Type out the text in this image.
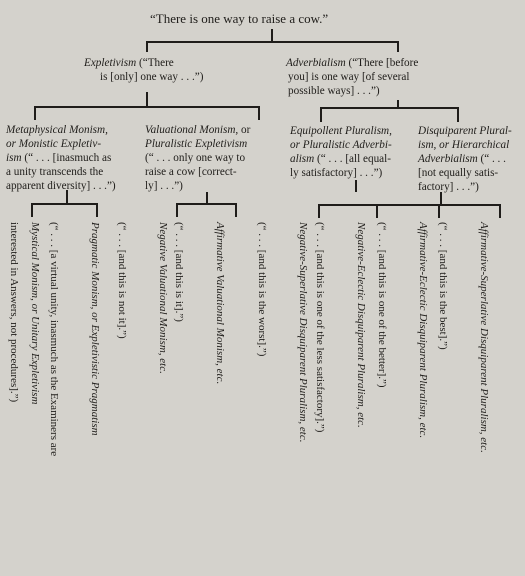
“There is one way to raise a cow.”
Expletivism (“There
is [only] one way . . .”)
Adverbialism (“There [before
you] is one way [of several
possible ways] . . .”)
Metaphysical Monism,
or Monistic Expletiv-
ism (“ . . . [inasmuch as
a unity transcends the
apparent diversity] . . .”)
Valuational Monism, or
Pluralistic Expletivism
(“ . . . only one way to
raise a cow [correct-
ly] . . .”)
Equipollent Pluralism,
or Pluralistic Adverbi-
alism (“ . . . [all equal-
ly satisfactory] . . .”)
Disquiparent Plural-
ism, or Hierarchical
Adverbialism (“ . . .
[not equally satis-
factory] . . .”)

Mystical Monism, or Unitary Expletivism

	Pragmatic Monism, or Expletivistic Pragmatism

(“ . . . [a virtual unity, inasmuch as the Examiners are

interested in Answers, not procedures].”)

	Negative Valuational Monism, etc.

(“ . . . [and this is not it].”)

	Affirmative Valuational Monism, etc.

(“ . . . [and this is it].”)

	Negative-Superlative Disquiparent Pluralism, etc.

(“ . . . [and this is the worst].”)

	Negative-Eclectic Disquiparent Pluralism, etc.

(“ . . . [and this is one of the less satisfactory].”)

	Affirmative-Eclectic Disquiparent Pluralism, etc.

(“ . . . [and this is one of the better].”)

	Affirmative-Superlative Disquiparent Pluralism, etc.

(“ . . . [and this is the best].”)
